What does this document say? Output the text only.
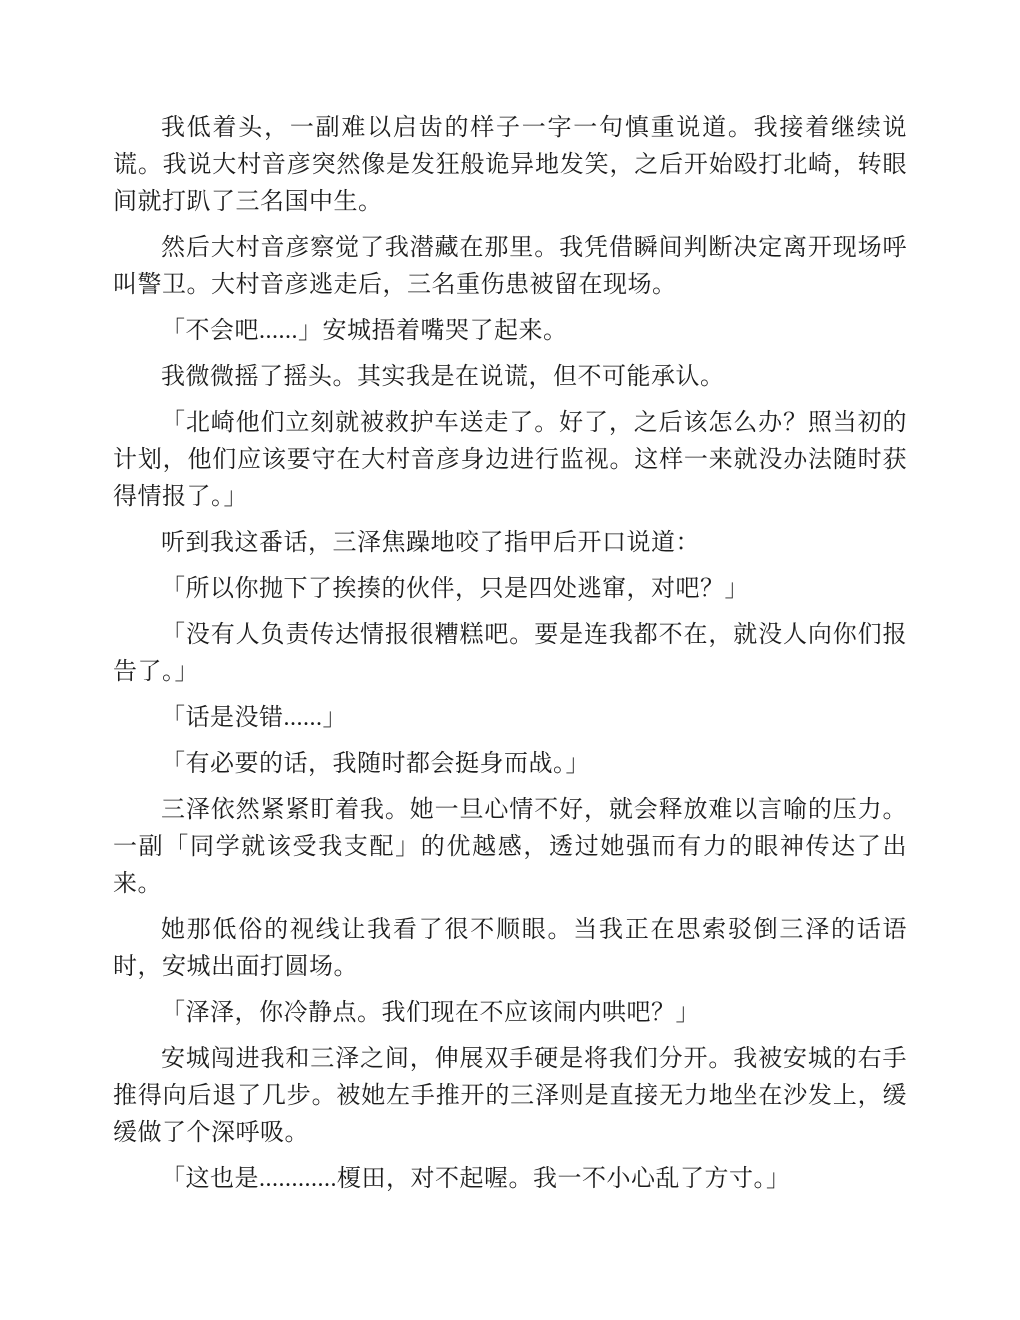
我低着头，一副难以启齿的样子一字一句慎重说道。我接着继续说谎。我说大村音彦突然像是发狂般诡异地发笑，之后开始殴打北崎，转眼间就打趴了三名国中生。

然后大村音彦察觉了我潜藏在那里。我凭借瞬间判断决定离开现场呼叫警卫。大村音彦逃走后，三名重伤患被留在现场。

「不会吧......」安城捂着嘴哭了起来。

我微微摇了摇头。其实我是在说谎，但不可能承认。

「北崎他们立刻就被救护车送走了。好了，之后该怎么办？照当初的计划，他们应该要守在大村音彦身边进行监视。这样一来就没办法随时获得情报了。」

听到我这番话，三泽焦躁地咬了指甲后开口说道：

「所以你抛下了挨揍的伙伴，只是四处逃窜，对吧？」

「没有人负责传达情报很糟糕吧。要是连我都不在，就没人向你们报告了。」

「话是没错......」

「有必要的话，我随时都会挺身而战。」

三泽依然紧紧盯着我。她一旦心情不好，就会释放难以言喻的压力。一副「同学就该受我支配」的优越感，透过她强而有力的眼神传达了出来。

她那低俗的视线让我看了很不顺眼。当我正在思索驳倒三泽的话语时，安城出面打圆场。

「泽泽，你冷静点。我们现在不应该闹内哄吧？」

安城闯进我和三泽之间，伸展双手硬是将我们分开。我被安城的右手推得向后退了几步。被她左手推开的三泽则是直接无力地坐在沙发上，缓缓做了个深呼吸。

「这也是............榎田，对不起喔。我一不小心乱了方寸。」
